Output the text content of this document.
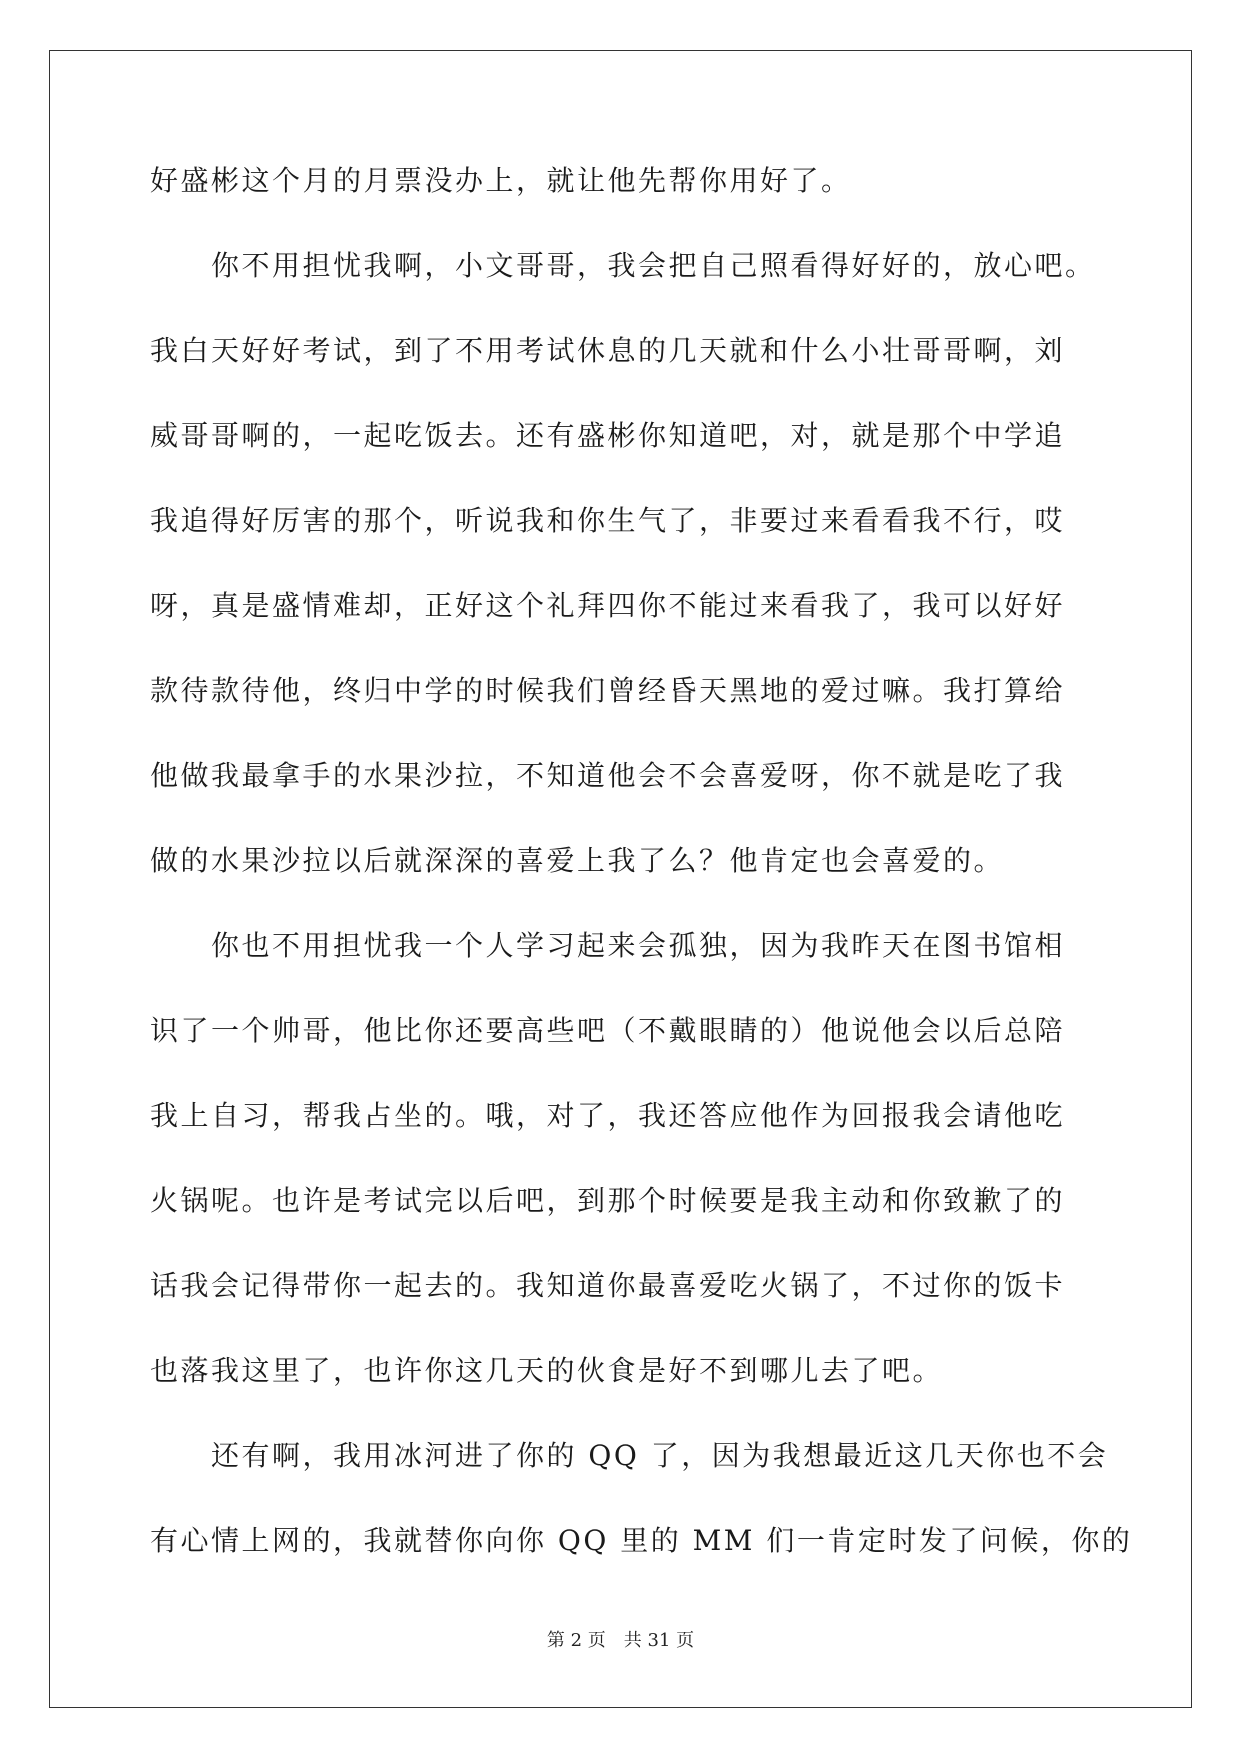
好盛彬这个月的月票没办上，就让他先帮你用好了。

你不用担忧我啊，小文哥哥，我会把自己照看得好好的，放心吧。

我白天好好考试，到了不用考试休息的几天就和什么小壮哥哥啊，刘

威哥哥啊的，一起吃饭去。还有盛彬你知道吧，对，就是那个中学追

我追得好厉害的那个，听说我和你生气了，非要过来看看我不行，哎

呀，真是盛情难却，正好这个礼拜四你不能过来看我了，我可以好好

款待款待他，终归中学的时候我们曾经昏天黑地的爱过嘛。我打算给

他做我最拿手的水果沙拉，不知道他会不会喜爱呀，你不就是吃了我

做的水果沙拉以后就深深的喜爱上我了么？他肯定也会喜爱的。

你也不用担忧我一个人学习起来会孤独，因为我昨天在图书馆相

识了一个帅哥，他比你还要高些吧（不戴眼睛的）他说他会以后总陪

我上自习，帮我占坐的。哦，对了，我还答应他作为回报我会请他吃

火锅呢。也许是考试完以后吧，到那个时候要是我主动和你致歉了的

话我会记得带你一起去的。我知道你最喜爱吃火锅了，不过你的饭卡

也落我这里了，也许你这几天的伙食是好不到哪儿去了吧。

还有啊，我用冰河进了你的 QQ 了，因为我想最近这几天你也不会

有心情上网的，我就替你向你 QQ 里的 MM 们一肯定时发了问候，你的

第 2 页 共 31 页
